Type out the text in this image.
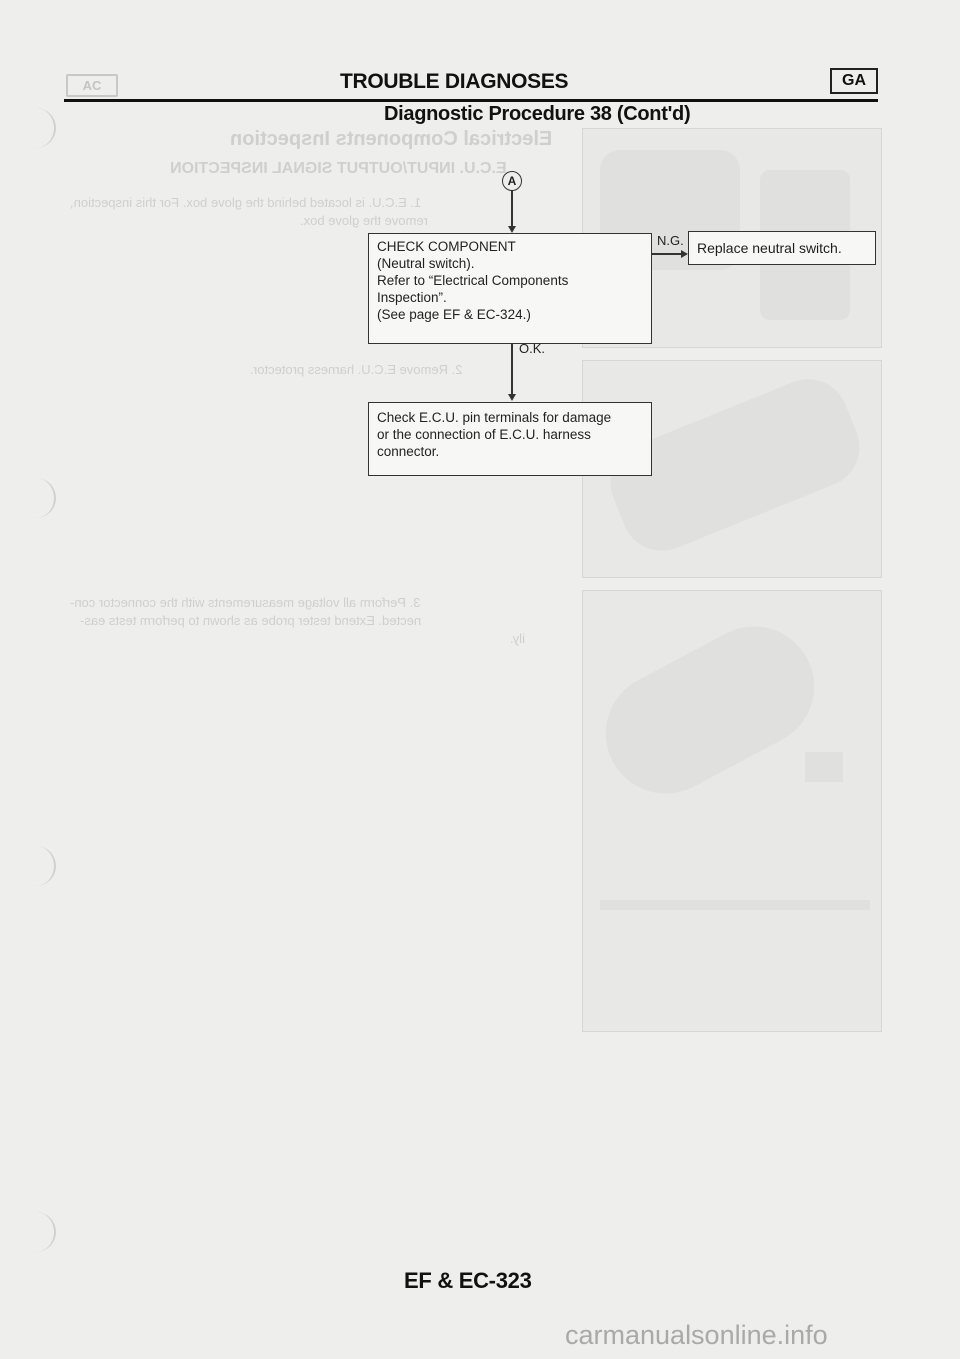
Electrical Components Inspection
E.C.U. INPUT/OUTPUT SIGNAL INSPECTION
1. E.C.U. is located behind the glove box. For this inspection,
remove the glove box.
2. Remove E.C.U. harness protector.
3. Perform all voltage measurements with the connector con-
nected. Extend tester probe as shown to perform tests eas-
ily.
AC	TROUBLE DIAGNOSES	GA
Diagnostic Procedure 38 (Cont'd)
A
CHECK COMPONENT
(Neutral switch).
Refer to “Electrical Components
Inspection”.
(See page EF & EC-324.)
N.G. Replace neutral switch.
O.K.
Check E.C.U. pin terminals for damage
or the connection of E.C.U. harness
connector.
EF & EC-323
carmanualsonline.info
